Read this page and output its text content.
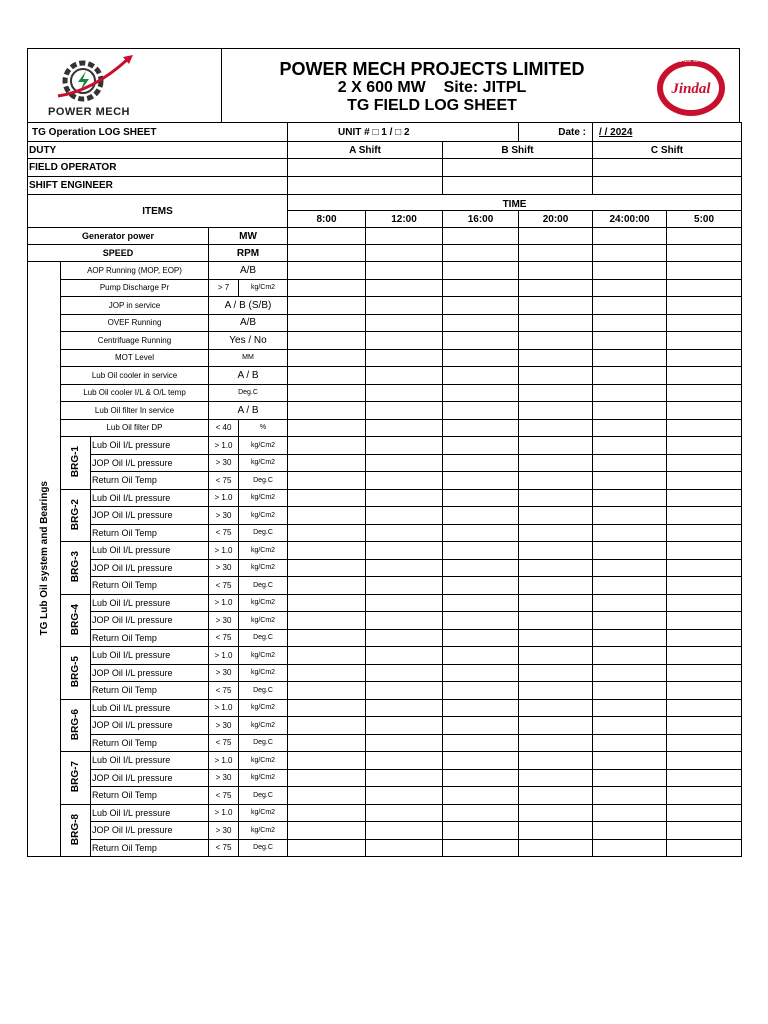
POWER MECH
POWER MECH PROJECTS LIMITED
2 X 600 MW    Site: JITPL
TG FIELD LOG SHEET
Jindal
TRADE MARK
TG Operation LOG SHEET					UNIT # □ 1 / □ 2			Date :	/ / 2024	
DUTY					A Shift		B Shift		C Shift	
FIELD OPERATOR										
SHIFT ENGINEER										
ITEMS					TIME					

					8:00	12:00	16:00	20:00	24:00:00	5:00
Generator power			MW							
SPEED			RPM							
TG Lub Oil system and Bearings	AOP Running (MOP, EOP)		A/B							
	Pump Discharge Pr		> 7	kg/Cm2						
	JOP in service		A / B (S/B)							
	OVEF Running		A/B							
	Centrifuage Running		Yes / No							
	MOT Level		MM							
	Lub Oil cooler in service		A / B							
	Lub Oil cooler I/L & O/L temp		Deg.C							
	Lub Oil filter In service		A / B							
	Lub Oil filter DP		< 40	%						
	BRG-1	Lub Oil I/L pressure	> 1.0	kg/Cm2						
		JOP Oil I/L pressure	> 30	kg/Cm2						
		Return Oil Temp	< 75	Deg.C						
	BRG-2	Lub Oil I/L pressure	> 1.0	kg/Cm2						
		JOP Oil I/L pressure	> 30	kg/Cm2						
		Return Oil Temp	< 75	Deg.C						
	BRG-3	Lub Oil I/L pressure	> 1.0	kg/Cm2						
		JOP Oil I/L pressure	> 30	kg/Cm2						
		Return Oil Temp	< 75	Deg.C						
	BRG-4	Lub Oil I/L pressure	> 1.0	kg/Cm2						
		JOP Oil I/L pressure	> 30	kg/Cm2						
		Return Oil Temp	< 75	Deg.C						
	BRG-5	Lub Oil I/L pressure	> 1.0	kg/Cm2						
		JOP Oil I/L pressure	> 30	kg/Cm2						
		Return Oil Temp	< 75	Deg.C						
	BRG-6	Lub Oil I/L pressure	> 1.0	kg/Cm2						
		JOP Oil I/L pressure	> 30	kg/Cm2						
		Return Oil Temp	< 75	Deg.C						
	BRG-7	Lub Oil I/L pressure	> 1.0	kg/Cm2						
		JOP Oil I/L pressure	> 30	kg/Cm2						
		Return Oil Temp	< 75	Deg.C						
	BRG-8	Lub Oil I/L pressure	> 1.0	kg/Cm2						
		JOP Oil I/L pressure	> 30	kg/Cm2						
		Return Oil Temp	< 75	Deg.C						
